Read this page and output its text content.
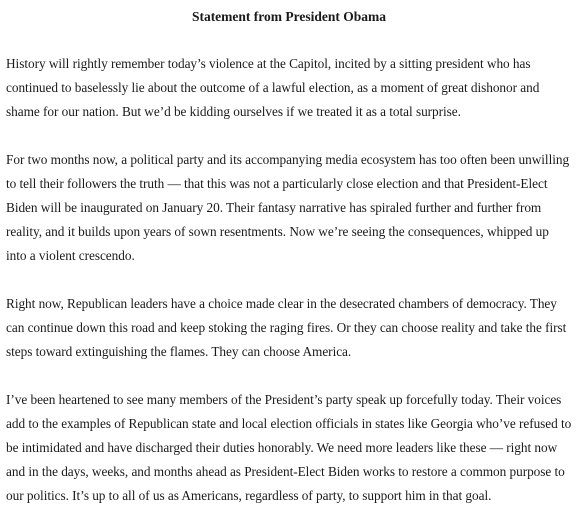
Statement from President Obama

History will rightly remember today’s violence at the Capitol, incited by a sitting president who has continued to baselessly lie about the outcome of a lawful election, as a moment of great dishonor and shame for our nation. But we’d be kidding ourselves if we treated it as a total surprise.

For two months now, a political party and its accompanying media ecosystem has too often been unwilling to tell their followers the truth — that this was not a particularly close election and that President-Elect Biden will be inaugurated on January 20. Their fantasy narrative has spiraled further and further from reality, and it builds upon years of sown resentments. Now we’re seeing the consequences, whipped up into a violent crescendo.

Right now, Republican leaders have a choice made clear in the desecrated chambers of democracy. They can continue down this road and keep stoking the raging fires. Or they can choose reality and take the first steps toward extinguishing the flames. They can choose America.

I’ve been heartened to see many members of the President’s party speak up forcefully today. Their voices add to the examples of Republican state and local election officials in states like Georgia who’ve refused to be intimidated and have discharged their duties honorably. We need more leaders like these — right now and in the days, weeks, and months ahead as President-Elect Biden works to restore a common purpose to our politics. It’s up to all of us as Americans, regardless of party, to support him in that goal.
